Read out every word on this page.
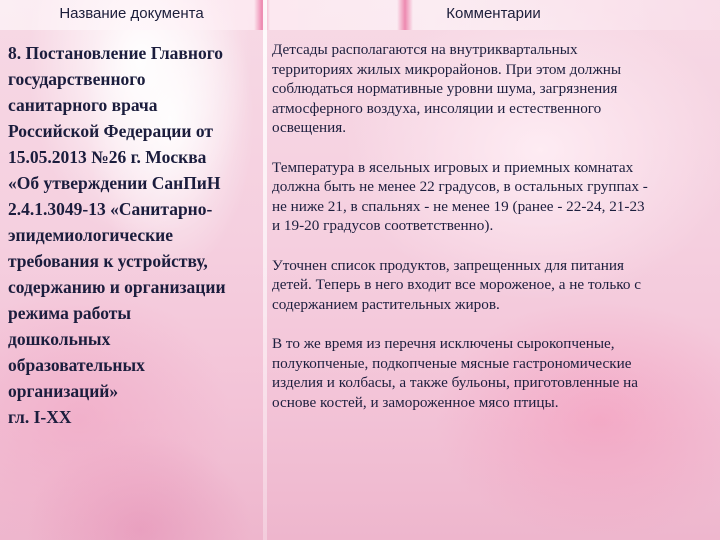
Название документа	Комментарии

8. Постановление Главного
государственного
санитарного врача
Российской Федерации от
15.05.2013 №26 г. Москва
«Об утверждении СанПиН
2.4.1.3049-13 «Санитарно-
эпидемиологические
требования к устройству,
содержанию и организации
режима работы
дошкольных
образовательных
организаций»
гл. I-XX

Детсады располагаются на внутриквартальных
территориях жилых микрорайонов. При этом должны
соблюдаться нормативные уровни шума, загрязнения
атмосферного воздуха, инсоляции и естественного
освещения.

Температура в ясельных игровых и приемных комнатах
должна быть не менее 22 градусов, в остальных группах -
не ниже 21, в спальнях - не менее 19 (ранее - 22-24, 21-23
и 19-20 градусов соответственно).

Уточнен список продуктов, запрещенных для питания
детей. Теперь в него входит все мороженое, а не только с
содержанием растительных жиров.

В то же время из перечня исключены сырокопченые,
полукопченые, подкопченые мясные гастрономические
изделия и колбасы, а также бульоны, приготовленные на
основе костей, и замороженное мясо птицы.
